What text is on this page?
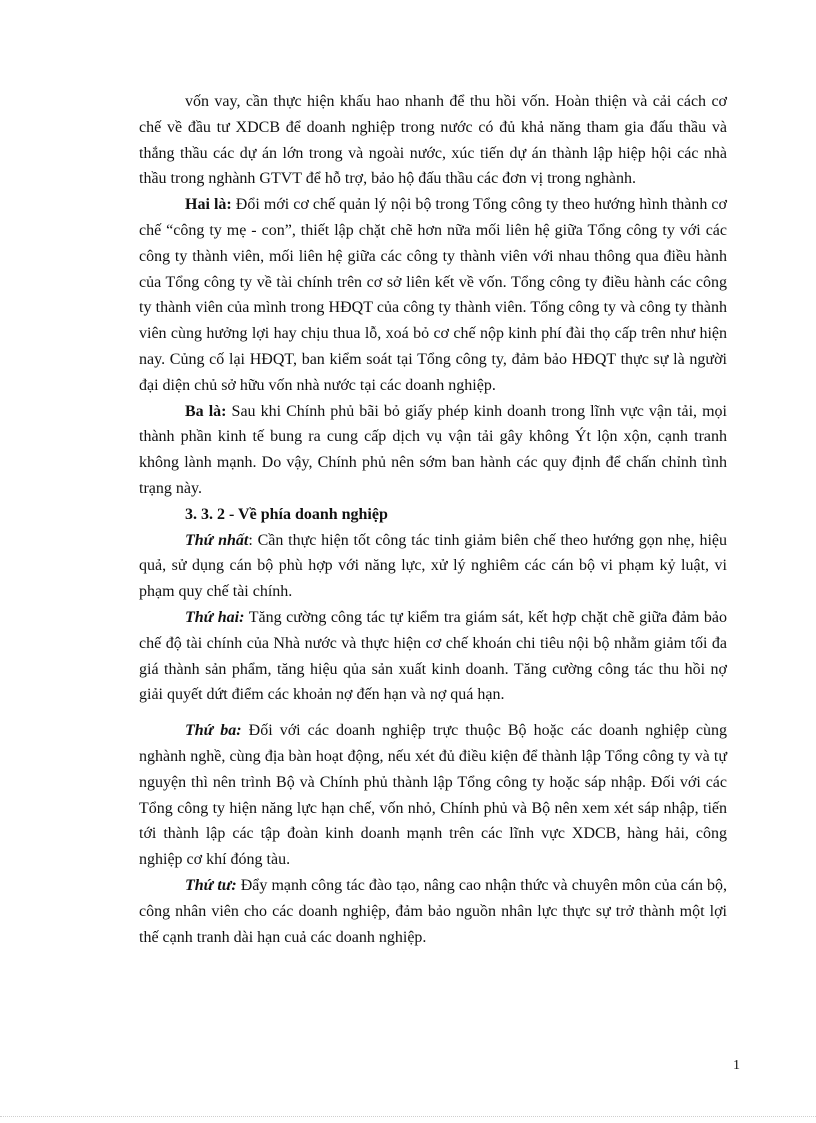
vốn vay, cần thực hiện khấu hao nhanh để thu hồi vốn. Hoàn thiện và cải cách cơ chế về đầu tư XDCB để doanh nghiệp trong nước có đủ khả năng tham gia đấu thầu và thắng thầu các dự án lớn trong và ngoài nước, xúc tiến dự án thành lập hiệp hội các nhà thầu trong nghành GTVT để hỗ trợ, bảo hộ đấu thầu các đơn vị trong nghành.

Hai là: Đổi mới cơ chế quản lý nội bộ trong Tổng công ty theo hướng hình thành cơ chế “công ty mẹ - con”, thiết lập chặt chẽ hơn nữa mối liên hệ giữa Tổng công ty với các công ty thành viên, mối liên hệ giữa các công ty thành viên với nhau thông qua điều hành của Tổng công ty về tài chính trên cơ sở liên kết về vốn. Tổng công ty điều hành các công ty thành viên của mình trong HĐQT của công ty thành viên. Tổng công ty và công ty thành viên cùng hưởng lợi hay chịu thua lỗ, xoá bỏ cơ chế nộp kinh phí đài thọ cấp trên như hiện nay. Củng cố lại HĐQT, ban kiểm soát tại Tổng công ty, đảm bảo HĐQT thực sự là người đại diện chủ sở hữu vốn nhà nước tại các doanh nghiệp.

Ba là: Sau khi Chính phủ bãi bỏ giấy phép kinh doanh trong lĩnh vực vận tải, mọi thành phần kinh tế bung ra cung cấp dịch vụ vận tải gây không Ýt lộn xộn, cạnh tranh không lành mạnh. Do vậy, Chính phủ nên sớm ban hành các quy định để chấn chỉnh tình trạng này.

3. 3. 2 - Về phía doanh nghiệp

Thứ nhất: Cần thực hiện tốt công tác tinh giảm biên chế theo hướng gọn nhẹ, hiệu quả, sử dụng cán bộ phù hợp với năng lực, xử lý nghiêm các cán bộ vi phạm kỷ luật, vi phạm quy chế tài chính.

Thứ hai: Tăng cường công tác tự kiểm tra giám sát, kết hợp chặt chẽ giữa đảm bảo chế độ tài chính của Nhà nước và thực hiện cơ chế khoán chi tiêu nội bộ nhằm giảm tối đa giá thành sản phẩm, tăng hiệu qủa sản xuất kinh doanh. Tăng cường công tác thu hồi nợ giải quyết dứt điểm các khoản nợ đến hạn và nợ quá hạn.

Thứ ba: Đối với các doanh nghiệp trực thuộc Bộ hoặc các doanh nghiệp cùng nghành nghề, cùng địa bàn hoạt động, nếu xét đủ điều kiện để thành lập Tổng công ty và tự nguyện thì nên trình Bộ và Chính phủ thành lập Tổng công ty hoặc sáp nhập. Đối với các Tổng công ty hiện năng lực hạn chế, vốn nhỏ, Chính phủ và Bộ nên xem xét sáp nhập, tiến tới thành lập các tập đoàn kinh doanh mạnh trên các lĩnh vực XDCB, hàng hải, công nghiệp cơ khí đóng tàu.

Thứ tư: Đẩy mạnh công tác đào tạo, nâng cao nhận thức và chuyên môn của cán bộ, công nhân viên cho các doanh nghiệp, đảm bảo nguồn nhân lực thực sự trở thành một lợi thế cạnh tranh dài hạn cuả các doanh nghiệp.

1
